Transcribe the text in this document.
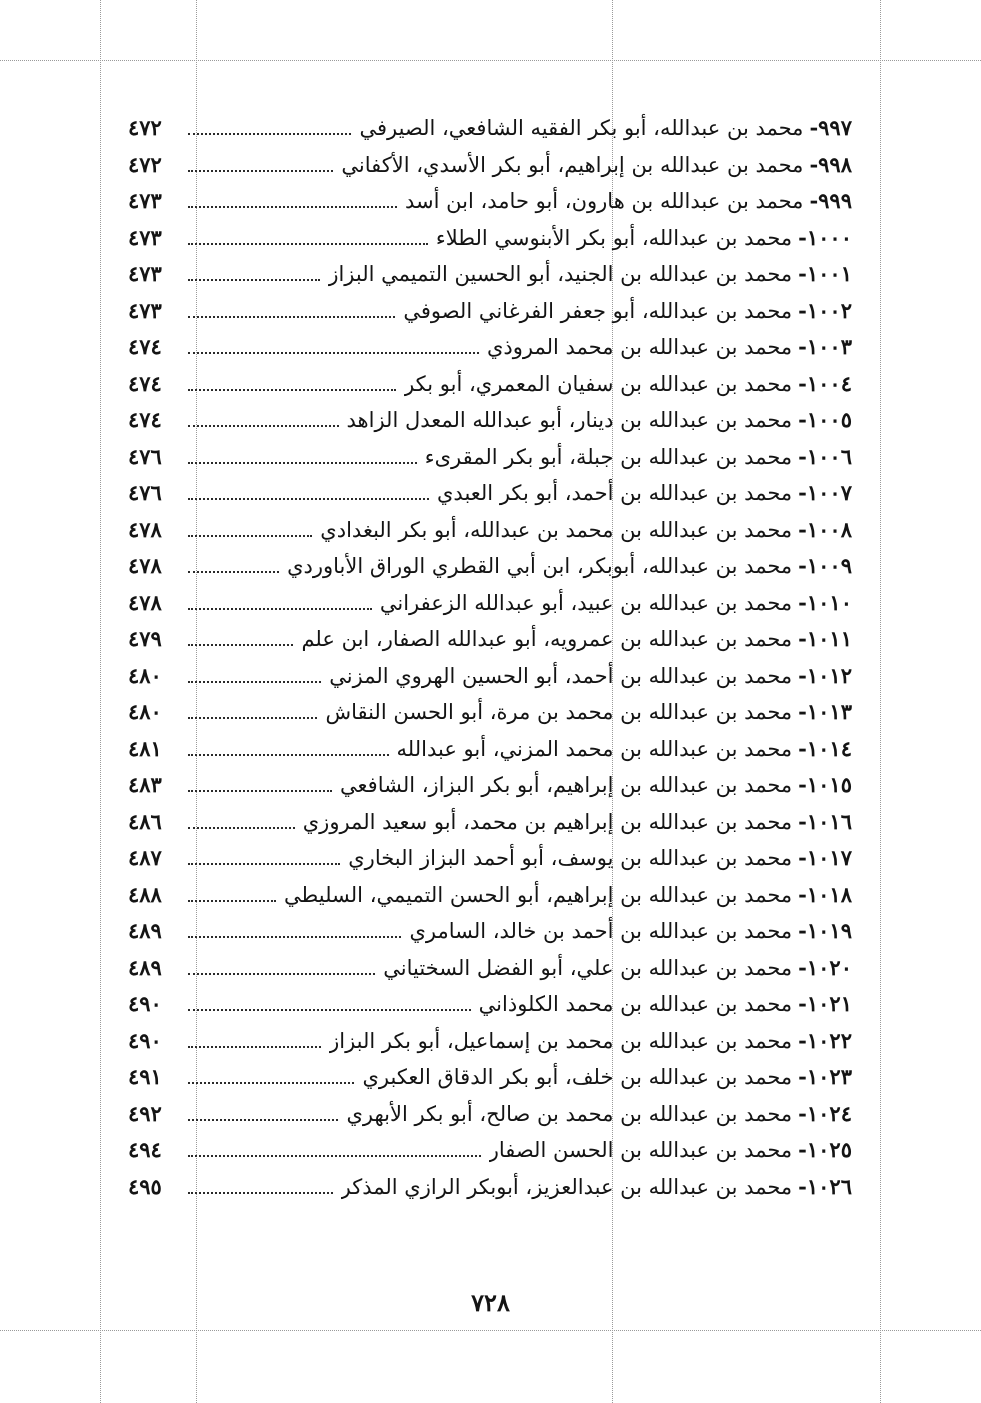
٩٩٧-
محمد بن عبدالله، أبو بكر الفقيه الشافعي، الصيرفي
٤٧٢
٩٩٨-
محمد بن عبدالله بن إبراهيم، أبو بكر الأسدي، الأكفاني
٤٧٢
٩٩٩-
محمد بن عبدالله بن هارون، أبو حامد، ابن أسد
٤٧٣
١٠٠٠-
محمد بن عبدالله، أبو بكر الأبنوسي الطلاء
٤٧٣
١٠٠١-
محمد بن عبدالله بن الجنيد، أبو الحسين التميمي البزاز
٤٧٣
١٠٠٢-
محمد بن عبدالله، أبو جعفر الفرغاني الصوفي
٤٧٣
١٠٠٣-
محمد بن عبدالله بن محمد المروذي
٤٧٤
١٠٠٤-
محمد بن عبدالله بن سفيان المعمري، أبو بكر
٤٧٤
١٠٠٥-
محمد بن عبدالله بن دينار، أبو عبدالله المعدل الزاهد
٤٧٤
١٠٠٦-
محمد بن عبدالله بن جبلة، أبو بكر المقرىء
٤٧٦
١٠٠٧-
محمد بن عبدالله بن أحمد، أبو بكر العبدي
٤٧٦
١٠٠٨-
محمد بن عبدالله بن محمد بن عبدالله، أبو بكر البغدادي
٤٧٨
١٠٠٩-
محمد بن عبدالله، أبوبكر، ابن أبي القطري الوراق الأباوردي
٤٧٨
١٠١٠-
محمد بن عبدالله بن عبيد، أبو عبدالله الزعفراني
٤٧٨
١٠١١-
محمد بن عبدالله بن عمرويه، أبو عبدالله الصفار، ابن علم
٤٧٩
١٠١٢-
محمد بن عبدالله بن أحمد، أبو الحسين الهروي المزني
٤٨٠
١٠١٣-
محمد بن عبدالله بن محمد بن مرة، أبو الحسن النقاش
٤٨٠
١٠١٤-
محمد بن عبدالله بن محمد المزني، أبو عبدالله
٤٨١
١٠١٥-
محمد بن عبدالله بن إبراهيم، أبو بكر البزاز، الشافعي
٤٨٣
١٠١٦-
محمد بن عبدالله بن إبراهيم بن محمد، أبو سعيد المروزي
٤٨٦
١٠١٧-
محمد بن عبدالله بن يوسف، أبو أحمد البزاز البخاري
٤٨٧
١٠١٨-
محمد بن عبدالله بن إبراهيم، أبو الحسن التميمي، السليطي
٤٨٨
١٠١٩-
محمد بن عبدالله بن أحمد بن خالد، السامري
٤٨٩
١٠٢٠-
محمد بن عبدالله بن علي، أبو الفضل السختياني
٤٨٩
١٠٢١-
محمد بن عبدالله بن محمد الكلوذاني
٤٩٠
١٠٢٢-
محمد بن عبدالله بن محمد بن إسماعيل، أبو بكر البزاز
٤٩٠
١٠٢٣-
محمد بن عبدالله بن خلف، أبو بكر الدقاق العكبري
٤٩١
١٠٢٤-
محمد بن عبدالله بن محمد بن صالح، أبو بكر الأبهري
٤٩٢
١٠٢٥-
محمد بن عبدالله بن الحسن الصفار
٤٩٤
١٠٢٦-
محمد بن عبدالله بن عبدالعزيز، أبوبكر الرازي المذكر
٤٩٥
٧٢٨
